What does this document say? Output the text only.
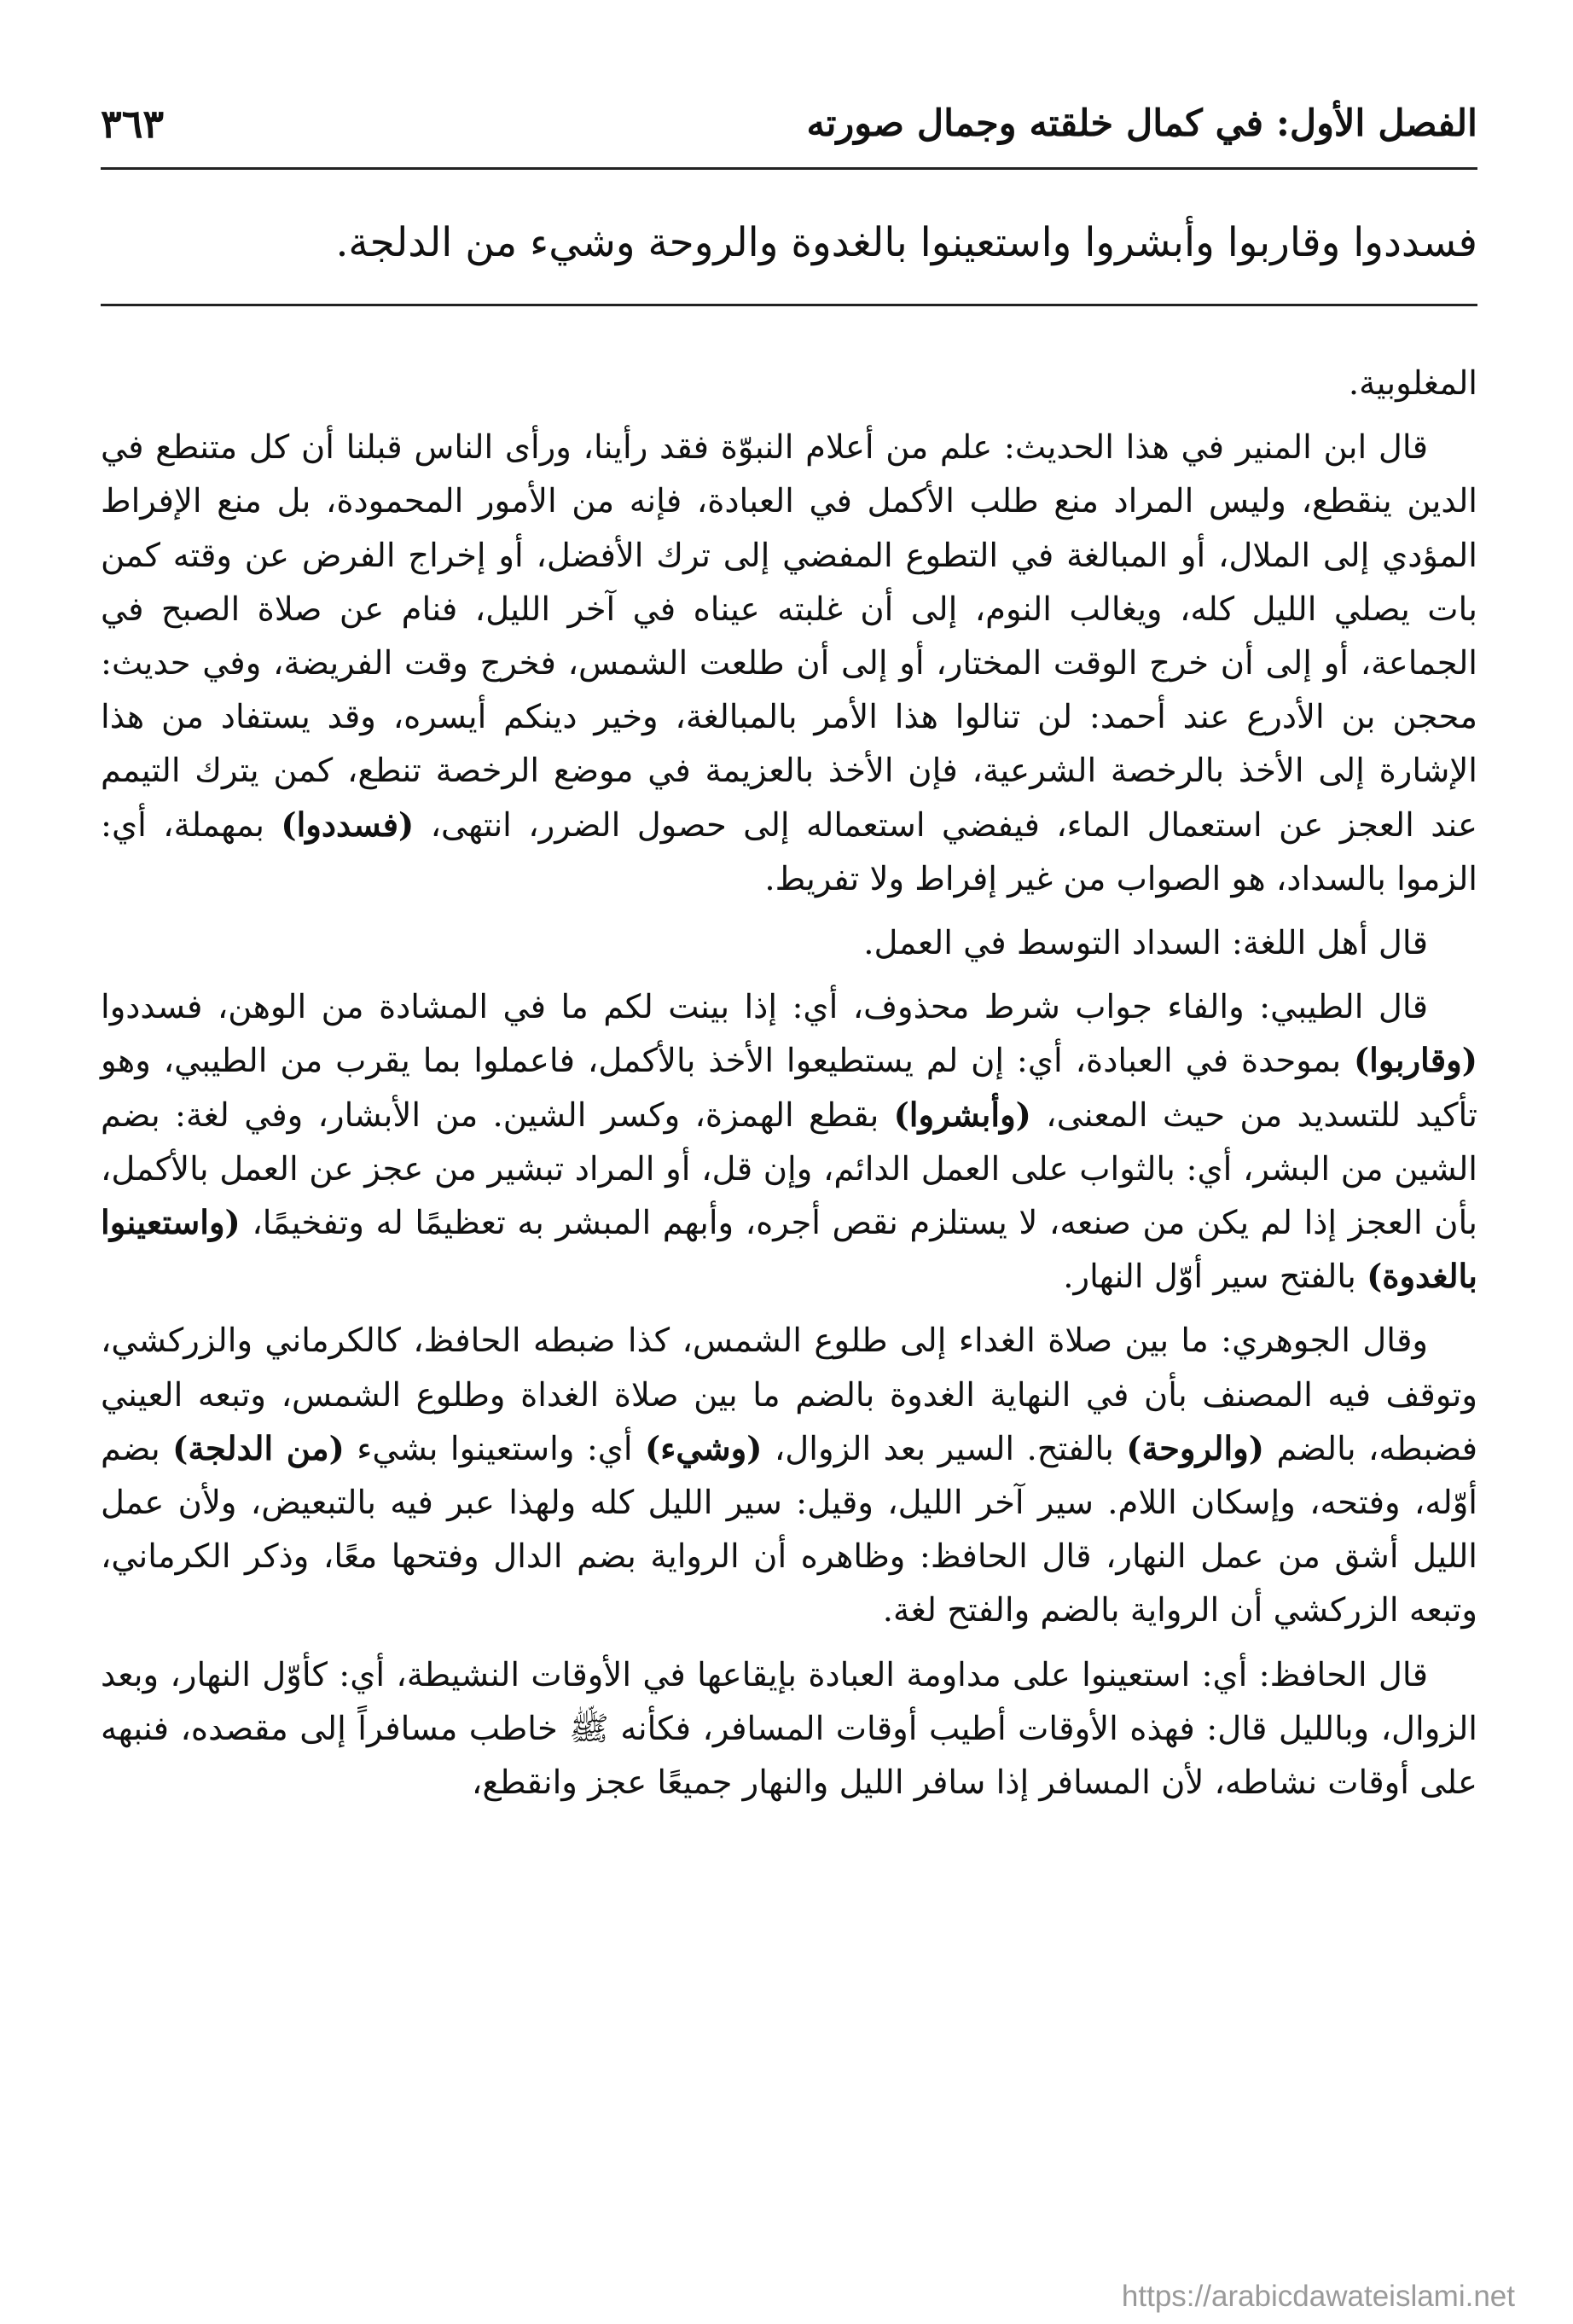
الفصل الأول: في كمال خلقته وجمال صورته
٣٦٣
فسددوا وقاربوا وأبشروا واستعينوا بالغدوة والروحة وشيء من الدلجة.

المغلوبية.

قال ابن المنير في هذا الحديث: علم من أعلام النبوّة فقد رأينا، ورأى الناس قبلنا أن كل متنطع في الدين ينقطع، وليس المراد منع طلب الأكمل في العبادة، فإنه من الأمور المحمودة، بل منع الإفراط المؤدي إلى الملال، أو المبالغة في التطوع المفضي إلى ترك الأفضل، أو إخراج الفرض عن وقته كمن بات يصلي الليل كله، ويغالب النوم، إلى أن غلبته عيناه في آخر الليل، فنام عن صلاة الصبح في الجماعة، أو إلى أن خرج الوقت المختار، أو إلى أن طلعت الشمس، فخرج وقت الفريضة، وفي حديث: محجن بن الأدرع عند أحمد: لن تنالوا هذا الأمر بالمبالغة، وخير دينكم أيسره، وقد يستفاد من هذا الإشارة إلى الأخذ بالرخصة الشرعية، فإن الأخذ بالعزيمة في موضع الرخصة تنطع، كمن يترك التيمم عند العجز عن استعمال الماء، فيفضي استعماله إلى حصول الضرر، انتهى، (فسددوا) بمهملة، أي: الزموا بالسداد، هو الصواب من غير إفراط ولا تفريط.

قال أهل اللغة: السداد التوسط في العمل.

قال الطيبي: والفاء جواب شرط محذوف، أي: إذا بينت لكم ما في المشادة من الوهن، فسددوا (وقاربوا) بموحدة في العبادة، أي: إن لم يستطيعوا الأخذ بالأكمل، فاعملوا بما يقرب من الطيبي، وهو تأكيد للتسديد من حيث المعنى، (وأبشروا) بقطع الهمزة، وكسر الشين. من الأبشار، وفي لغة: بضم الشين من البشر، أي: بالثواب على العمل الدائم، وإن قل، أو المراد تبشير من عجز عن العمل بالأكمل، بأن العجز إذا لم يكن من صنعه، لا يستلزم نقص أجره، وأبهم المبشر به تعظيمًا له وتفخيمًا، (واستعينوا بالغدوة) بالفتح سير أوّل النهار.

وقال الجوهري: ما بين صلاة الغداء إلى طلوع الشمس، كذا ضبطه الحافظ، كالكرماني والزركشي، وتوقف فيه المصنف بأن في النهاية الغدوة بالضم ما بين صلاة الغداة وطلوع الشمس، وتبعه العيني فضبطه، بالضم (والروحة) بالفتح. السير بعد الزوال، (وشيء) أي: واستعينوا بشيء (من الدلجة) بضم أوّله، وفتحه، وإسكان اللام. سير آخر الليل، وقيل: سير الليل كله ولهذا عبر فيه بالتبعيض، ولأن عمل الليل أشق من عمل النهار، قال الحافظ: وظاهره أن الرواية بضم الدال وفتحها معًا، وذكر الكرماني، وتبعه الزركشي أن الرواية بالضم والفتح لغة.

قال الحافظ: أي: استعينوا على مداومة العبادة بإيقاعها في الأوقات النشيطة، أي: كأوّل النهار، وبعد الزوال، وبالليل قال: فهذه الأوقات أطيب أوقات المسافر، فكأنه ﷺ خاطب مسافراً إلى مقصده، فنبهه على أوقات نشاطه، لأن المسافر إذا سافر الليل والنهار جميعًا عجز وانقطع،

https://arabicdawateislami.net
